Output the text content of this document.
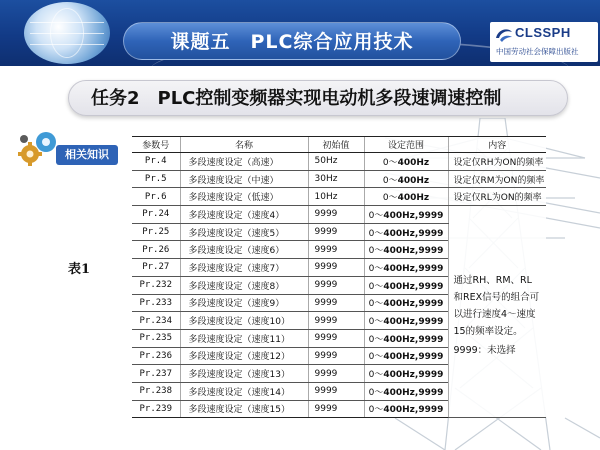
课题五　PLC综合应用技术	CLSSPH
中国劳动社会保障出版社
任务2　PLC控制变频器实现电动机多段速调速控制
相关知识
表1
参数号	名称	初始值	设定范围	内容
Pr.4	多段速度设定（高速）	50Hz	0～400Hz	设定仅RH为ON的频率
Pr.5	多段速度设定（中速）	30Hz	0～400Hz	设定仅RM为ON的频率
Pr.6	多段速度设定（低速）	10Hz	0～400Hz	设定仅RL为ON的频率
Pr.24	多段速度设定（速度4）	9999	0～400Hz,9999	通过RH、RM、RL和REX信号的组合可以进行速度4～速度15的频率设定。

9999：未选择

Pr.25	多段速度设定（速度5）	9999	0～400Hz,9999	
Pr.26	多段速度设定（速度6）	9999	0～400Hz,9999	
Pr.27	多段速度设定（速度7）	9999	0～400Hz,9999	
Pr.232	多段速度设定（速度8）	9999	0～400Hz,9999	
Pr.233	多段速度设定（速度9）	9999	0～400Hz,9999	
Pr.234	多段速度设定（速度10）	9999	0～400Hz,9999	
Pr.235	多段速度设定（速度11）	9999	0～400Hz,9999	
Pr.236	多段速度设定（速度12）	9999	0～400Hz,9999	
Pr.237	多段速度设定（速度13）	9999	0～400Hz,9999	
Pr.238	多段速度设定（速度14）	9999	0～400Hz,9999	
Pr.239	多段速度设定（速度15）	9999	0～400Hz,9999	
